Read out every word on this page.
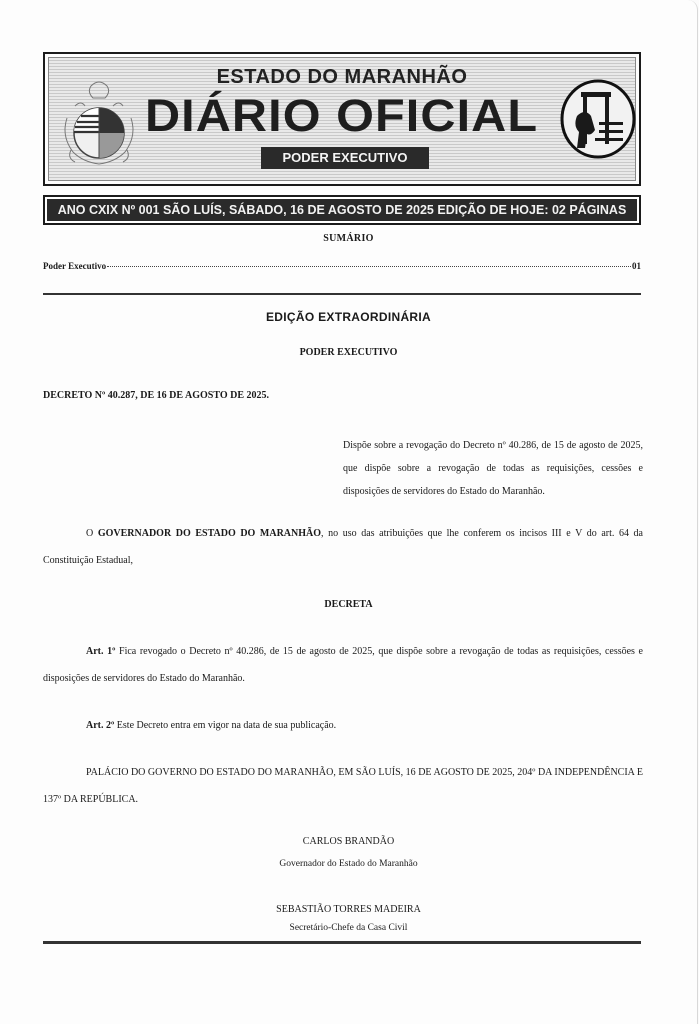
ESTADO DO MARANHÃO
DIÁRIO OFICIAL
PODER EXECUTIVO
ANO CXIX Nº 001 SÃO LUÍS, SÁBADO, 16 DE AGOSTO DE 2025 EDIÇÃO DE HOJE: 02 PÁGINAS
SUMÁRIO
Poder Executivo	01
EDIÇÃO EXTRAORDINÁRIA
PODER EXECUTIVO
DECRETO Nº 40.287, DE 16 DE AGOSTO DE 2025.
Dispõe sobre a revogação do Decreto nº 40.286, de 15 de agosto de 2025, que dispõe sobre a revogação de todas as requisições, cessões e disposições de servidores do Estado do Maranhão.
O GOVERNADOR DO ESTADO DO MARANHÃO, no uso das atribuições que lhe conferem os incisos III e V do art. 64 da Constituição Estadual,
DECRETA
Art. 1º Fica revogado o Decreto nº 40.286, de 15 de agosto de 2025, que dispõe sobre a revogação de todas as requisições, cessões e disposições de servidores do Estado do Maranhão.
Art. 2º Este Decreto entra em vigor na data de sua publicação.
PALÁCIO DO GOVERNO DO ESTADO DO MARANHÃO, EM SÃO LUÍS, 16 DE AGOSTO DE 2025, 204º DA INDEPENDÊNCIA E 137º DA REPÚBLICA.
CARLOS BRANDÃO
Governador do Estado do Maranhão
SEBASTIÃO TORRES MADEIRA
Secretário-Chefe da Casa Civil
